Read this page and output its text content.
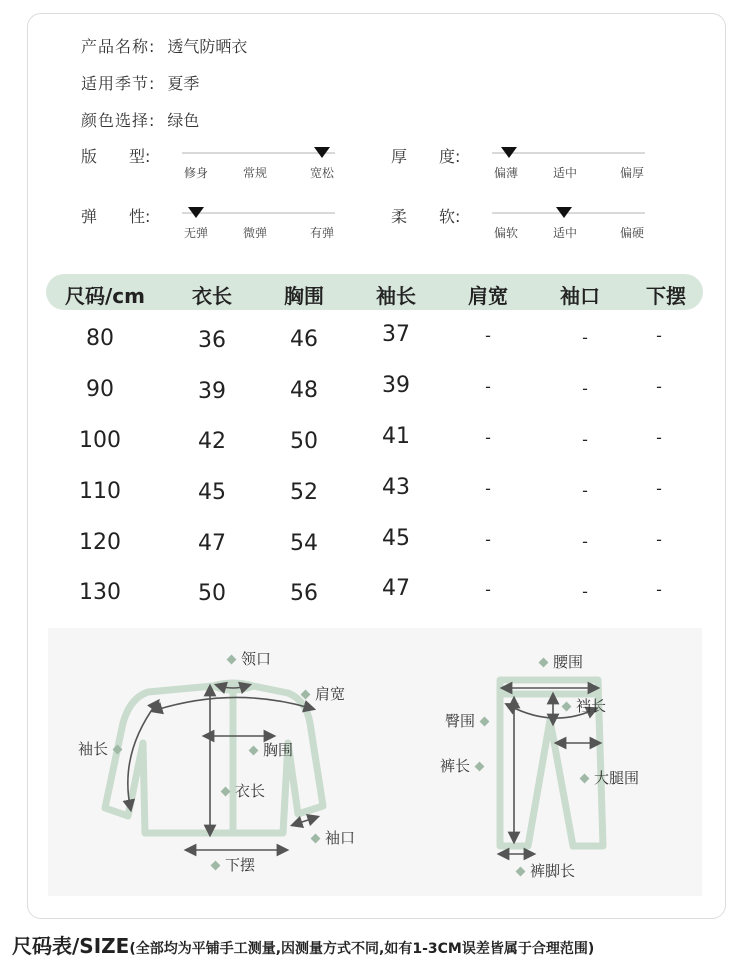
产品名称: 透气防晒衣
适用季节: 夏季
颜色选择: 绿色
版　　型:
修身	常规	宽松
厚　　度:
偏薄	适中	偏厚
弹　　性:
无弹	微弹	有弹
柔　　软:
偏软	适中	偏硬
尺码/cm 衣长	胸围	袖长	肩宽	袖口 下摆
80	36	46	37	-	-	-
90	39	48	39	-	-	-
100	42	50	41	-	-	-
110	45	52	43	-	-	-
120	47	54	45	-	-	-
130	50	56	47	-	-	-
领口
肩宽
袖长	胸围
衣长
袖口
下摆
腰围
裆长
臀围
裤长
大腿围
裤脚长
尺码表/SIZE(全部均为平铺手工测量,因测量方式不同,如有1-3CM误差皆属于合理范围)
